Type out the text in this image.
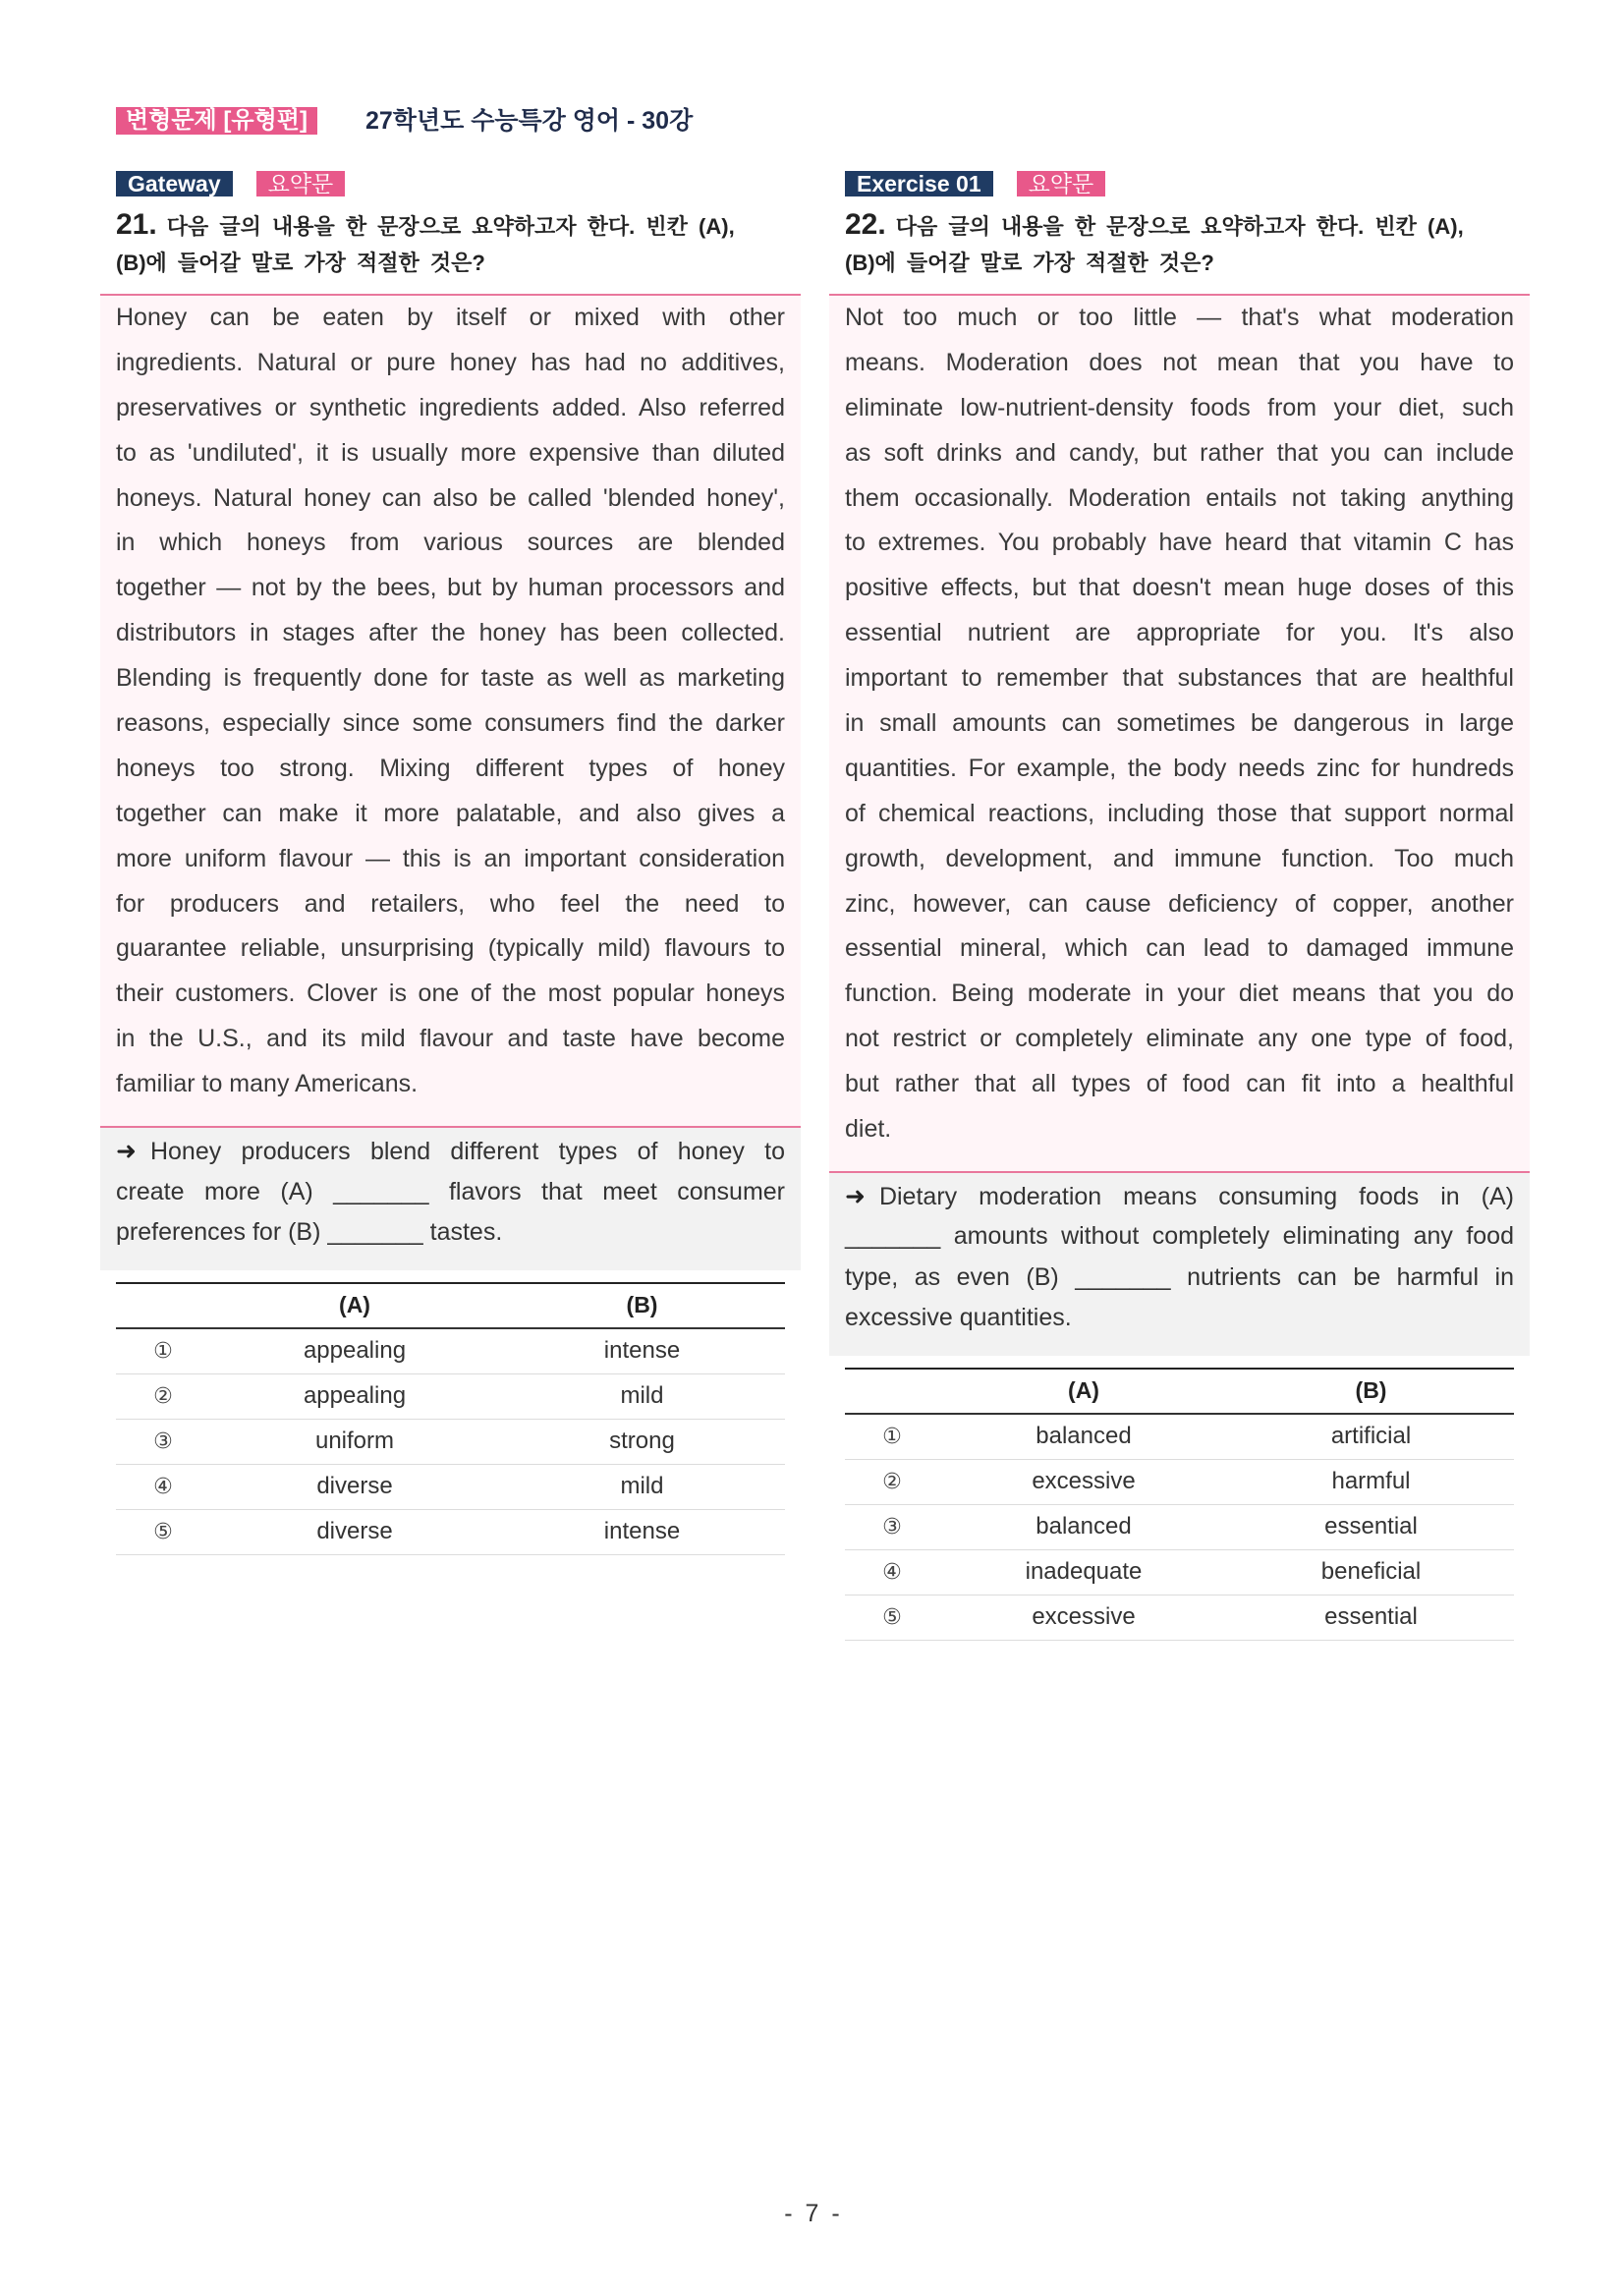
변형문제 [유형편]	27학년도 수능특강 영어 - 30강
Gateway	요약문
21. 다음 글의 내용을 한 문장으로 요약하고자 한다. 빈칸 (A),
(B)에 들어갈 말로 가장 적절한 것은?
Honey can be eaten by itself or mixed with other
ingredients. Natural or pure honey has had no additives,
preservatives or synthetic ingredients added. Also referred
to as 'undiluted', it is usually more expensive than diluted
honeys. Natural honey can also be called 'blended honey',
in which honeys from various sources are blended
together — not by the bees, but by human processors and
distributors in stages after the honey has been collected.
Blending is frequently done for taste as well as marketing
reasons, especially since some consumers find the darker
honeys too strong. Mixing different types of honey
together can make it more palatable, and also gives a
more uniform flavour — this is an important consideration
for producers and retailers, who feel the need to
guarantee reliable, unsurprising (typically mild) flavours to
their customers. Clover is one of the most popular honeys
in the U.S., and its mild flavour and taste have become
familiar to many Americans.
➜ Honey producers blend different types of honey to
create more (A) _______ flavors that meet consumer
preferences for (B) _______ tastes.
	(A)	(B)
①	appealing	intense
②	appealing	mild
③	uniform	strong
④	diverse	mild
⑤	diverse	intense
Exercise 01	요약문
22. 다음 글의 내용을 한 문장으로 요약하고자 한다. 빈칸 (A),
(B)에 들어갈 말로 가장 적절한 것은?
Not too much or too little — that's what moderation
means. Moderation does not mean that you have to
eliminate low-nutrient-density foods from your diet, such
as soft drinks and candy, but rather that you can include
them occasionally. Moderation entails not taking anything
to extremes. You probably have heard that vitamin C has
positive effects, but that doesn't mean huge doses of this
essential nutrient are appropriate for you. It's also
important to remember that substances that are healthful
in small amounts can sometimes be dangerous in large
quantities. For example, the body needs zinc for hundreds
of chemical reactions, including those that support normal
growth, development, and immune function. Too much
zinc, however, can cause deficiency of copper, another
essential mineral, which can lead to damaged immune
function. Being moderate in your diet means that you do
not restrict or completely eliminate any one type of food,
but rather that all types of food can fit into a healthful
diet.
➜ Dietary moderation means consuming foods in (A)
_______ amounts without completely eliminating any food
type, as even (B) _______ nutrients can be harmful in
excessive quantities.
	(A)	(B)
①	balanced	artificial
②	excessive	harmful
③	balanced	essential
④	inadequate	beneficial
⑤	excessive	essential
- 7 -
